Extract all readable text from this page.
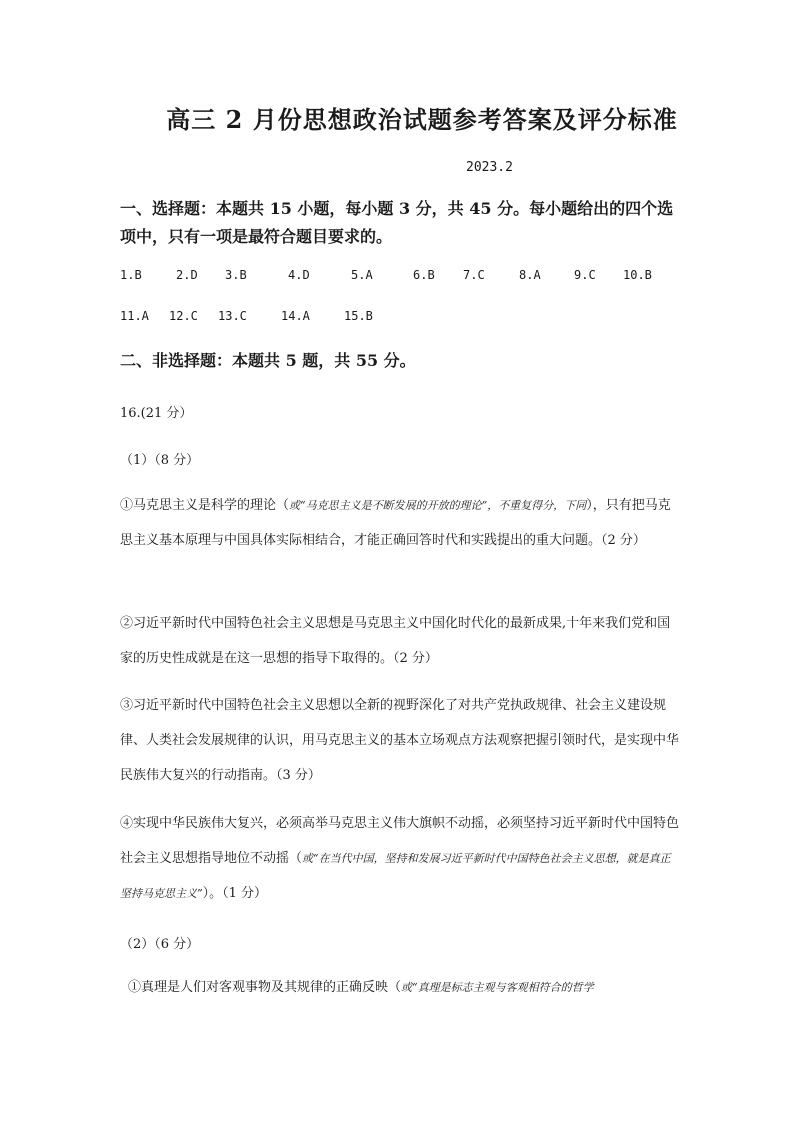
高三 2 月份思想政治试题参考答案及评分标准
2023.2
一、选择题：本题共 15 小题，每小题 3 分，共 45 分。每小题给出的四个选项中，只有一项是最符合题目要求的。
1.B	2.D 3.B	4.D	5.A	6.B 7.C	8.A	9.C 10.B
11.A 12.C 13.C	14.A	15.B
二、非选择题：本题共 5 题，共 55 分。
16.(21 分）
（1）（8 分）
①马克思主义是科学的理论（或“马克思主义是不断发展的开放的理论”，不重复得分，下同），只有把马克思主义基本原理与中国具体实际相结合，才能正确回答时代和实践提出的重大问题。（2 分）
②习近平新时代中国特色社会主义思想是马克思主义中国化时代化的最新成果,十年来我们党和国家的历史性成就是在这一思想的指导下取得的。（2 分）
③习近平新时代中国特色社会主义思想以全新的视野深化了对共产党执政规律、社会主义建设规律、人类社会发展规律的认识，用马克思主义的基本立场观点方法观察把握引领时代，是实现中华民族伟大复兴的行动指南。（3 分）
④实现中华民族伟大复兴，必须高举马克思主义伟大旗帜不动摇，必须坚持习近平新时代中国特色社会主义思想指导地位不动摇（或“在当代中国，坚持和发展习近平新时代中国特色社会主义思想，就是真正坚持马克思主义”）。（1 分）
（2）（6 分）
①真理是人们对客观事物及其规律的正确反映（或“真理是标志主观与客观相符合的哲学
